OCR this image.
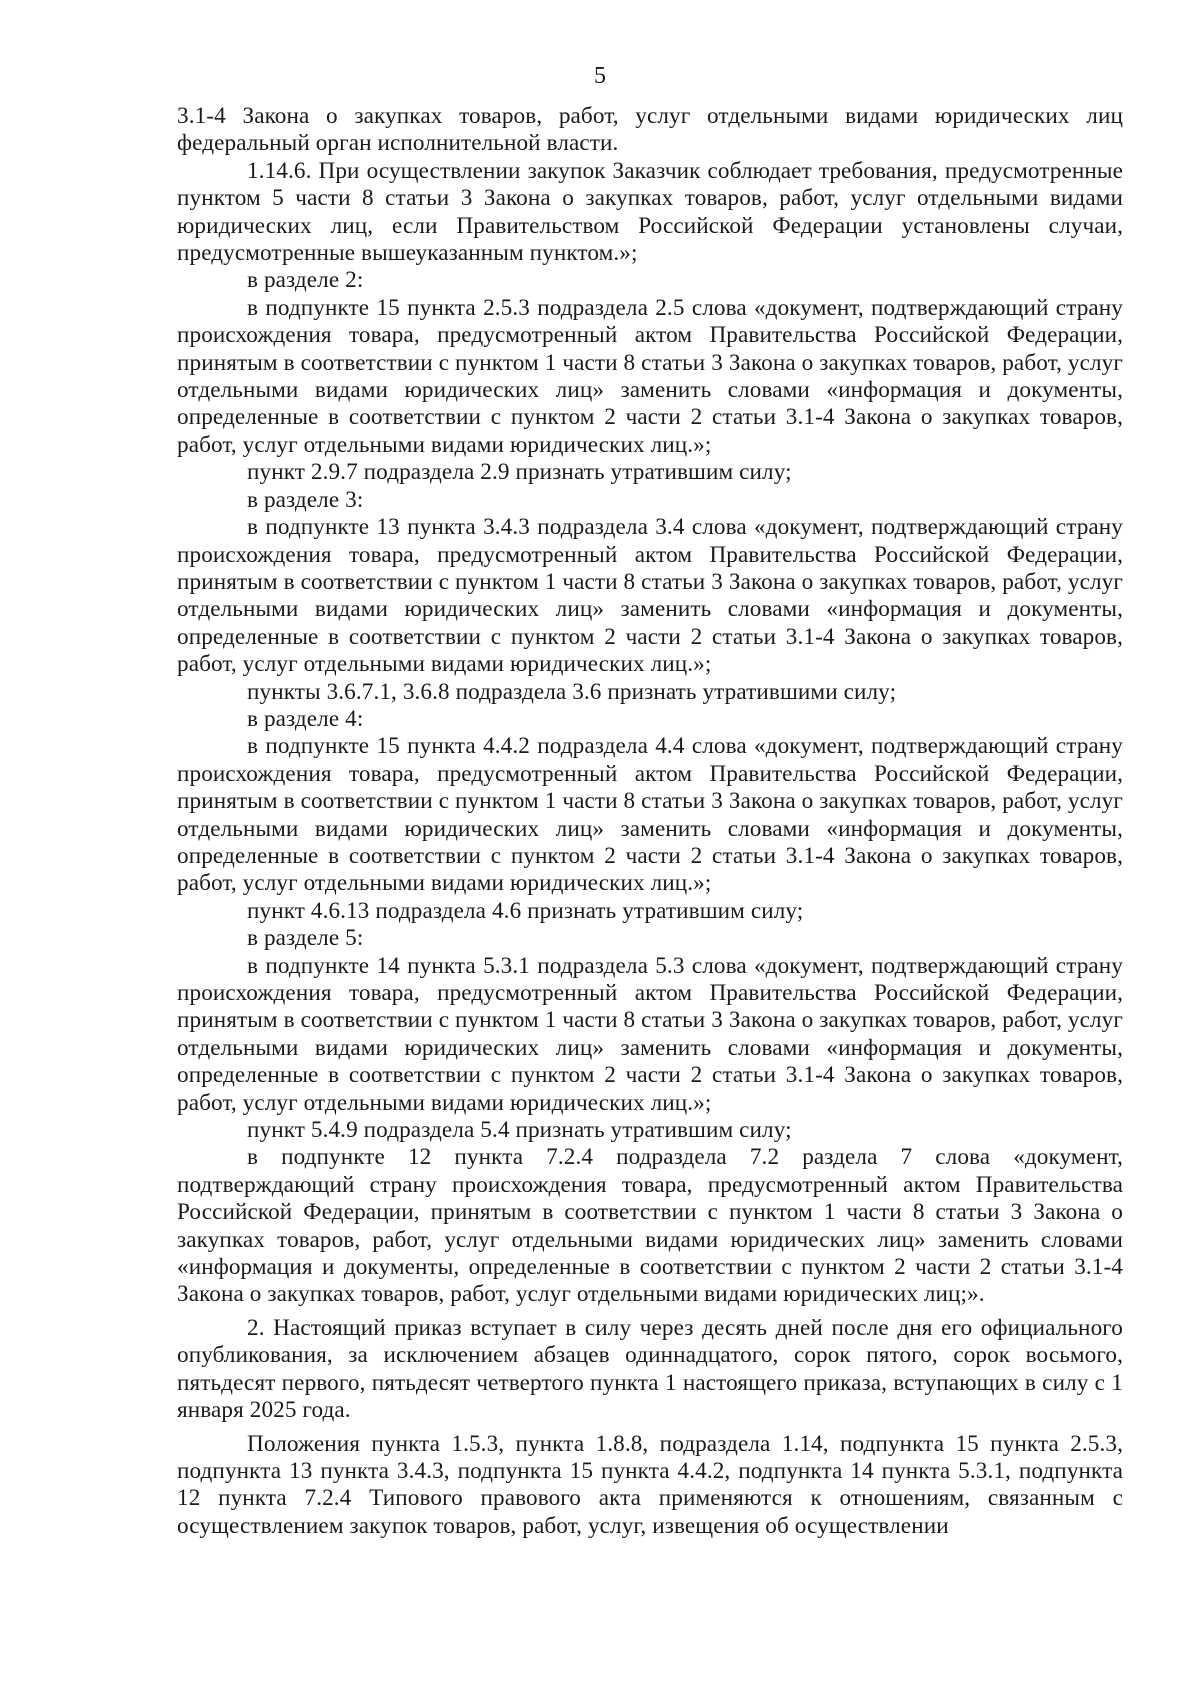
5

3.1-4 Закона о закупках товаров, работ, услуг отдельными видами юридических лиц федеральный орган исполнительной власти.

1.14.6. При осуществлении закупок Заказчик соблюдает требования, предусмотренные пунктом 5 части 8 статьи 3 Закона о закупках товаров, работ, услуг отдельными видами юридических лиц, если Правительством Российской Федерации установлены случаи, предусмотренные вышеуказанным пунктом.»;

в разделе 2:

в подпункте 15 пункта 2.5.3 подраздела 2.5 слова «документ, подтверждающий страну происхождения товара, предусмотренный актом Правительства Российской Федерации, принятым в соответствии с пунктом 1 части 8 статьи 3 Закона о закупках товаров, работ, услуг отдельными видами юридических лиц» заменить словами «информация и документы, определенные в соответствии с пунктом 2 части 2 статьи 3.1-4 Закона о закупках товаров, работ, услуг отдельными видами юридических лиц.»;

пункт 2.9.7 подраздела 2.9 признать утратившим силу;

в разделе 3:

в подпункте 13 пункта 3.4.3 подраздела 3.4 слова «документ, подтверждающий страну происхождения товара, предусмотренный актом Правительства Российской Федерации, принятым в соответствии с пунктом 1 части 8 статьи 3 Закона о закупках товаров, работ, услуг отдельными видами юридических лиц» заменить словами «информация и документы, определенные в соответствии с пунктом 2 части 2 статьи 3.1-4 Закона о закупках товаров, работ, услуг отдельными видами юридических лиц.»;

пункты 3.6.7.1, 3.6.8 подраздела 3.6 признать утратившими силу;

в разделе 4:

в подпункте 15 пункта 4.4.2 подраздела 4.4 слова «документ, подтверждающий страну происхождения товара, предусмотренный актом Правительства Российской Федерации, принятым в соответствии с пунктом 1 части 8 статьи 3 Закона о закупках товаров, работ, услуг отдельными видами юридических лиц» заменить словами «информация и документы, определенные в соответствии с пунктом 2 части 2 статьи 3.1-4 Закона о закупках товаров, работ, услуг отдельными видами юридических лиц.»;

пункт 4.6.13 подраздела 4.6 признать утратившим силу;

в разделе 5:

в подпункте 14 пункта 5.3.1 подраздела 5.3 слова «документ, подтверждающий страну происхождения товара, предусмотренный актом Правительства Российской Федерации, принятым в соответствии с пунктом 1 части 8 статьи 3 Закона о закупках товаров, работ, услуг отдельными видами юридических лиц» заменить словами «информация и документы, определенные в соответствии с пунктом 2 части 2 статьи 3.1-4 Закона о закупках товаров, работ, услуг отдельными видами юридических лиц.»;

пункт 5.4.9 подраздела 5.4 признать утратившим силу;

в подпункте 12 пункта 7.2.4 подраздела 7.2 раздела 7 слова «документ, подтверждающий страну происхождения товара, предусмотренный актом Правительства Российской Федерации, принятым в соответствии с пунктом 1 части 8 статьи 3 Закона о закупках товаров, работ, услуг отдельными видами юридических лиц» заменить словами «информация и документы, определенные в соответствии с пунктом 2 части 2 статьи 3.1-4 Закона о закупках товаров, работ, услуг отдельными видами юридических лиц;».

2. Настоящий приказ вступает в силу через десять дней после дня его официального опубликования, за исключением абзацев одиннадцатого, сорок пятого, сорок восьмого, пятьдесят первого, пятьдесят четвертого пункта 1 настоящего приказа, вступающих в силу с 1 января 2025 года.

Положения пункта 1.5.3, пункта 1.8.8, подраздела 1.14, подпункта 15 пункта 2.5.3, подпункта 13 пункта 3.4.3, подпункта 15 пункта 4.4.2, подпункта 14 пункта 5.3.1, подпункта 12 пункта 7.2.4 Типового правового акта применяются к отношениям, связанным с осуществлением закупок товаров, работ, услуг, извещения об осуществлении
